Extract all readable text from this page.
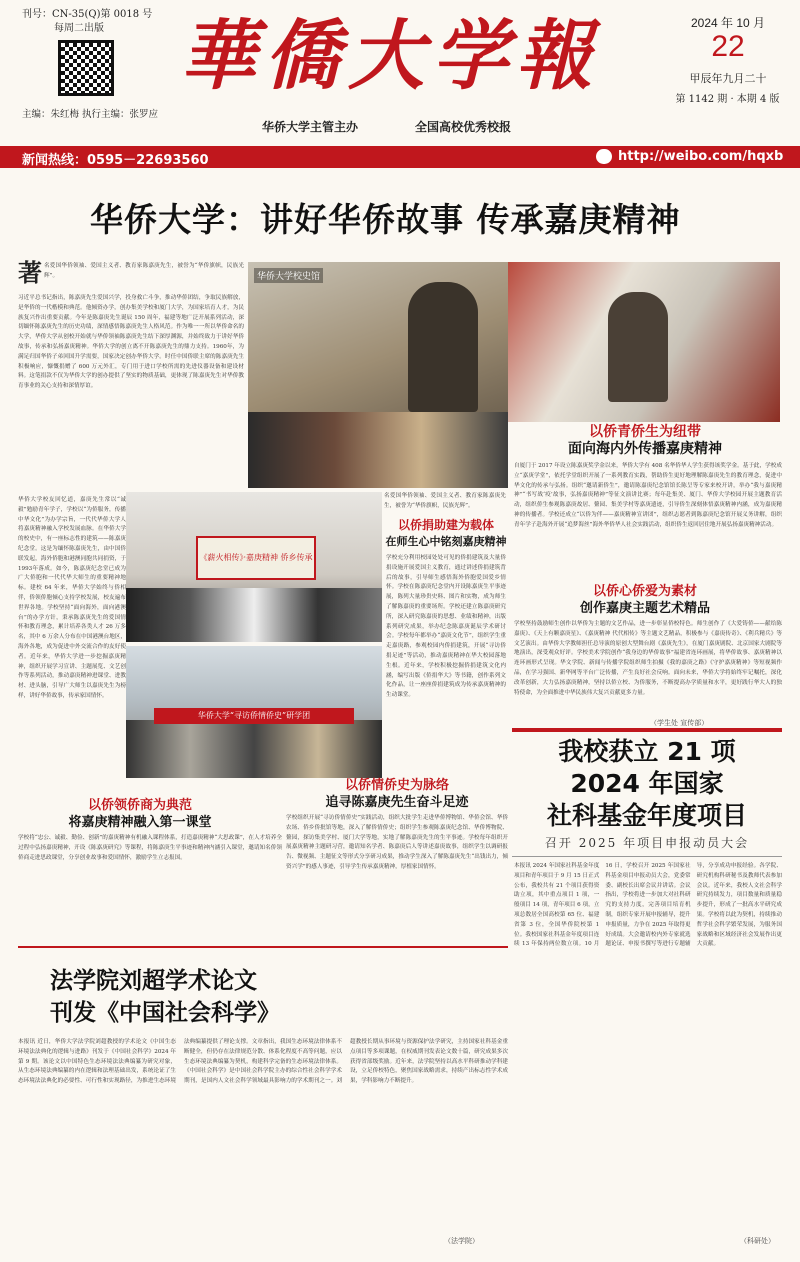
刊号：CN-35(Q)第 0018 号
每周二出版
主编：朱红梅 执行主编：张罗应
華僑大学報	2024 年 10 月
22
甲辰年九月二十
第 1142 期 · 本期 4 版
华侨大学主管主办	全国高校优秀校报
新闻热线：0595－22693560	http://weibo.com/hqxb
华侨大学：讲好华侨故事 传承嘉庚精神
著 名爱国华侨领袖、爱国主义者、教育家陈嘉庚先生，被誉为“华侨旗帜，民族光辉”。
习近平总书记指出，陈嘉庚先生爱国兴学，投身救亡斗争，推动华侨团结，争取民族解放，是华侨的一代楷模和典范。他倾资办学，创办集美学校和厦门大学，为国家培育人才，为民族复兴作出重要贡献。今年是陈嘉庚先生诞辰 150 周年，福建等地广泛开展系列活动，深切缅怀陈嘉庚先生的历史功绩，深情感悟陈嘉庚先生人格风范。作为唯一一所以华侨命名的大学，华侨大学从创校开始就与华侨领袖陈嘉庚先生结下深厚渊源，并始终致力于讲好华侨故事，传承和弘扬嘉庚精神。华侨大学的创立离不开陈嘉庚先生的鼎力支持。1960年，为满足归国华侨子弟回国升学需要，国家决定创办华侨大学。时任中国侨联主席的陈嘉庚先生积极响应，慷慨捐赠了 600 万元外汇，专门用于进口学校所需的先进仪器设备和建设材料。这笔捐款不仅为华侨大学的创办提供了坚实的物质基础，更体现了陈嘉庚先生对华侨教育事业的关心支持和深情厚谊。
华侨大学校友回忆道，嘉庚先生常以“诚毅”勉励青年学子，学校以“为侨服务，传播中华文化”为办学宗旨，一代代华侨大学人将嘉庚精神融入学校发展血脉。在华侨大学的校史中，有一座标志性的建筑——陈嘉庚纪念堂。这是为缅怀陈嘉庚先生，由中国侨联发起，海外侨胞和港澳同胞共同捐资，于 1993年落成。如今，陈嘉庚纪念堂已成为广大侨胞和一代代华大师生的重要精神地标。建校 64 年来，华侨大学始终与侨相伴，侨领侨胞倾心支持学校发展，校友遍布世界各地。学校坚持“面向海外，面向港澳台”的办学方针，秉承陈嘉庚先生的爱国情怀和教育理念，累计培养各类人才 26 万多名，其中 6 万余人分布在中国港澳台地区，海外各地，成为促进中外交流合作的友好使者。近年来，华侨大学进一步挖掘嘉庚精神，组织开展学习宣讲、主题展览、文艺创作等系列活动，推动嘉庚精神进课堂、进教材、进头脑，引导广大师生以嘉庚先生为榜样，讲好华侨故事，传承家国情怀。
华侨大学校史馆
《薪火相传》·嘉庚精神 侨乡传承
华侨大学“寻访侨情侨史”研学团
以侨青侨生为纽带
面向海内外传播嘉庚精神
自厦门于 2017 年设立陈嘉庚奖学金以来，华侨大学有 408 名华侨华人学生获得该奖学金。基于此，学校成立“嘉庚学堂”，依托学堂组织开展了一系列教育实践，帮助侨生更好地理解陈嘉庚先生的教育理念，促进中华文化的传承与弘扬。组织“邀请新侨生”，邀请陈嘉庚纪念馆馆长陈呈等专家来校开讲，举办“我与嘉庚精神”“书写战‘疫’故事，弘扬嘉庚精神”等征文演讲比赛；每年赴集美、厦门、华侨大学校园开展主题教育活动，组织侨生参观陈嘉庚故居、鳌园、集美学村等嘉庚遗迹，引导侨生深刻体悟嘉庚精神内涵，成为嘉庚精神的传播者。学校还成立“以侨为伴——嘉庚精神宣讲团”，组织志愿者到陈嘉庚纪念馆开展义务讲解，组织青年学子赴海外开展“追梦海丝”海外华侨华人社会实践活动，组织侨生返回居住地开展弘扬嘉庚精神活动。
以侨心侨爱为素材
创作嘉庚主题艺术精品
学校坚持鼓励师生创作以华侨为主题的文艺作品，进一步彰显侨校特色。师生创作了《大爱铸侨——献给陈嘉庚》、《天上有颗嘉庚星》、《嘉庚精神 代代相传》等主题文艺精品，积极参与《嘉庚传奇》、《利兵精兵》等文艺演出。由华侨大学教师担任总导演的原创大型舞台剧《嘉庚先生》，在厦门嘉庚剧院、北京国家大剧院等地演出，深受观众好评。学校美术学院创作“我身边的华侨故事”福建省连环画展，将华侨故事、嘉庚精神以连环画形式呈现。华文学院、新闻与传播学院组织师生拍摄《我的嘉庚之路》《守护嘉庚精神》等短视频作品，在学习强国、新华网等平台广泛传播，产生良好社会反响。面向未来，华侨大学将始终牢记嘱托，深化改革创新，大力弘扬嘉庚精神，坚持以侨立校、为侨服务，不断提高办学质量和水平，更好践行华大人的独特使命，为全面推进中华民族伟大复兴贡献更多力量。
（学生处 宣传部）
名爱国华侨领袖、爱国主义者、教育家陈嘉庚先生，被誉为“华侨旗帜，民族光辉”。
以侨捐助建为载体
在师生心中铭刻嘉庚精神
学校充分利用校园处处可见的侨捐建筑及大量侨捐设施开展爱国主义教育，通过讲述侨捐建筑背后的故事，引导师生感悟海外侨胞爱国爱乡情怀。学校在陈嘉庚纪念堂内开设陈嘉庚生平事迹展，陈列大量珍贵史料、图片和实物，成为师生了解陈嘉庚的重要场所。学校还建立陈嘉庚研究所，深入研究陈嘉庚的思想、业绩和精神，出版系列研究成果，举办纪念陈嘉庚诞辰学术研讨会。学校每年都举办“嘉庚文化节”，组织学生重走嘉庚路，参观校园内侨捐建筑，开展“寻访侨捐足迹”等活动，推动嘉庚精神在华大校园落地生根。近年来，学校积极挖掘侨捐建筑文化内涵，编写出版《侨捐华大》等书籍，创作系列文化作品，让一座座侨捐建筑成为传承嘉庚精神的生动课堂。
以侨情侨史为脉络
追寻陈嘉庚先生奋斗足迹
学校组织开展“寻访侨情侨史”实践活动，组织大批学生走进华侨博物馆、华侨会馆、华侨农场、侨乡侨批馆等地，深入了解侨情侨史；组织学生参观陈嘉庚纪念馆、华侨博物院、鳌园，探访集美学村、厦门大学等地，实地了解陈嘉庚先生的生平事迹。学校每年组织开展嘉庚精神主题研习营，邀请知名学者、陈嘉庚后人等讲述嘉庚故事，组织学生以调研报告、微视频、主题征文等形式分享研习成果，推动学生深入了解陈嘉庚先生“出钱出力，倾资兴学”的感人事迹，引导学生传承嘉庚精神，厚植家国情怀。
以侨领侨商为典范
将嘉庚精神融入第一课堂
学校将“忠公、诚毅、勤俭、创新”的嘉庚精神有机融入课程体系，打造嘉庚精神“大思政课”，在人才培养全过程中弘扬嘉庚精神，开设《陈嘉庚研究》等课程，将陈嘉庚生平事迹和精神内涵引入课堂，邀请知名侨领侨商走进思政课堂，分享创业故事和爱国情怀，激励学生立志报国。
我校获立 21 项
2024 年国家
社科基金年度项目
召开 2025 年项目申报动员大会
本报讯 2024 年国家社科基金年度项目和青年项目于 9 月 15 日正式公布，我校共有 21 个项目获得资助立项，其中重点项目 1 项，一般项目 14 项，青年项目 6 项，立项总数居全国高校第 65 位、福建省第 3 位，全国华侨院校第 1 位。我校国家社科基金年度项目连续 13 年保持两位数立项。10 月 16 日，学校召开 2025 年国家社科基金项目申报动员大会，党委常委、副校长出席会议并讲话。会议指出，学校将进一步加大对社科研究的支持力度，完善项目培育机制，组织专家开展申报辅导，提升申报质量，力争在 2025 年取得更好成绩。大会邀请校内外专家就选题论证、申报书撰写等进行专题辅导，分享成功申报经验。各学院、研究机构科研秘书及教师代表参加会议。近年来，我校人文社会科学研究持续发力，项目数量和质量稳步提升，形成了一批高水平研究成果。学校将以此为契机，持续推动哲学社会科学繁荣发展，为服务国家战略和区域经济社会发展作出更大贡献。
（科研处）
法学院刘超学术论文
刊发《中国社会科学》
本报讯 近日，华侨大学法学院刘超教授的学术论文《中国生态环境法法典化的逻辑与进路》刊发于《中国社会科学》2024 年第 9 期。该论文以中国特色生态环境法法典编纂为研究对象，从生态环境法典编纂的内在逻辑和法理基础出发，系统论证了生态环境法法典化的必要性、可行性和实现路径，为推进生态环境法典编纂提供了理论支撑。文章指出，我国生态环境法律体系不断健全，但仍存在法律规范分散、体系化程度不高等问题，应以生态环境法典编纂为契机，构建科学完备的生态环境法律体系。《中国社会科学》是中国社会科学院主办的综合性社会科学学术期刊，是国内人文社会科学领域最具影响力的学术期刊之一。刘超教授长期从事环境与资源保护法学研究，主持国家社科基金重点项目等多项课题，在权威期刊发表论文数十篇，研究成果多次获得省部级奖励。近年来，法学院坚持以高水平科研推动学科建设，立足侨校特色，聚焦国家战略需求，持续产出标志性学术成果，学科影响力不断提升。
（法学院）
